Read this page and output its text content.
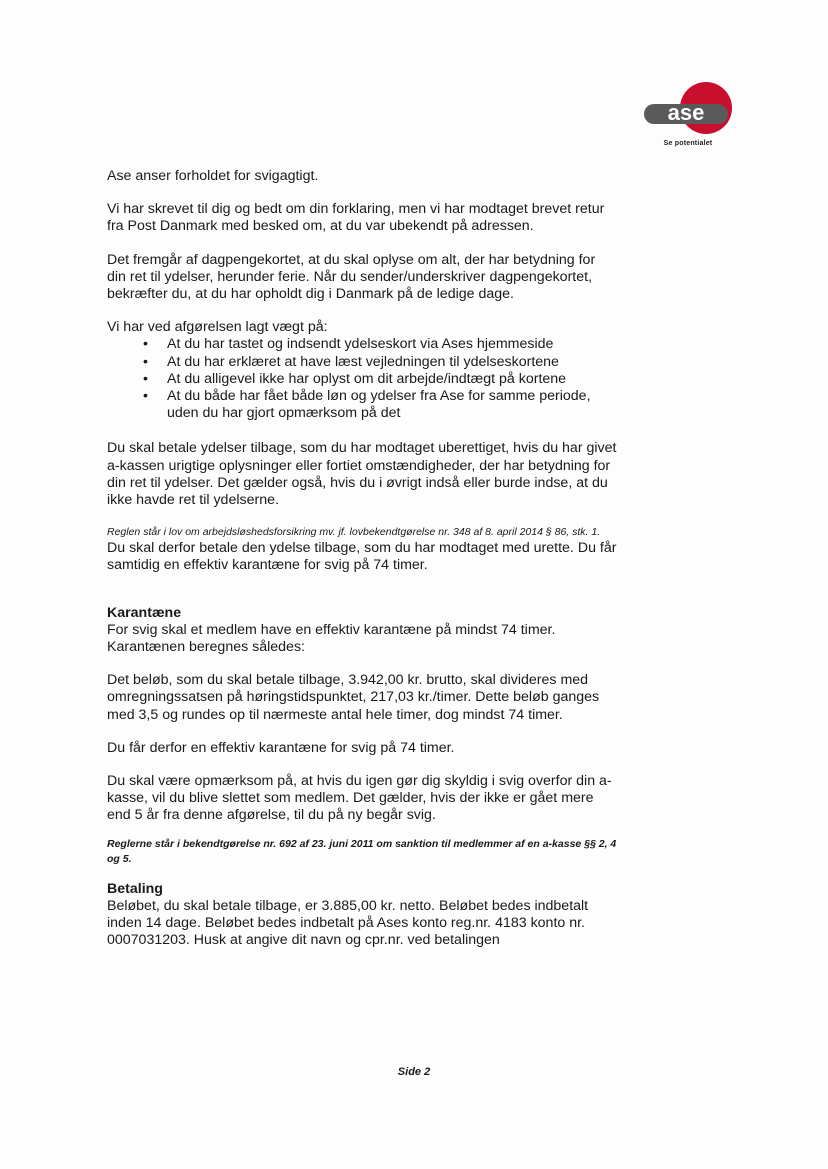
ase
Se potentialet

Ase anser forholdet for svigagtigt.

Vi har skrevet til dig og bedt om din forklaring, men vi har modtaget brevet retur fra Post Danmark med besked om, at du var ubekendt på adressen.

Det fremgår af dagpengekortet, at du skal oplyse om alt, der har betydning for din ret til ydelser, herunder ferie. Når du sender/underskriver dagpengekortet, bekræfter du, at du har opholdt dig i Danmark på de ledige dage.

Vi har ved afgørelsen lagt vægt på:

• At du har tastet og indsendt ydelseskort via Ases hjemmeside
• At du har erklæret at have læst vejledningen til ydelseskortene
• At du alligevel ikke har oplyst om dit arbejde/indtægt på kortene
• At du både har fået både løn og ydelser fra Ase for samme periode, uden du har gjort opmærksom på det

Du skal betale ydelser tilbage, som du har modtaget uberettiget, hvis du har givet a-kassen urigtige oplysninger eller fortiet omstændigheder, der har betydning for din ret til ydelser. Det gælder også, hvis du i øvrigt indså eller burde indse, at du ikke havde ret til ydelserne.

Reglen står i lov om arbejdsløshedsforsikring mv. jf. lovbekendtgørelse nr. 348 af 8. april 2014 § 86, stk. 1.

Du skal derfor betale den ydelse tilbage, som du har modtaget med urette. Du får samtidig en effektiv karantæne for svig på 74 timer.

Karantæne

For svig skal et medlem have en effektiv karantæne på mindst 74 timer. Karantænen beregnes således:

Det beløb, som du skal betale tilbage, 3.942,00 kr. brutto, skal divideres med omregningssatsen på høringstidspunktet, 217,03 kr./timer. Dette beløb ganges med 3,5 og rundes op til nærmeste antal hele timer, dog mindst 74 timer.

Du får derfor en effektiv karantæne for svig på 74 timer.

Du skal være opmærksom på, at hvis du igen gør dig skyldig i svig overfor din a-kasse, vil du blive slettet som medlem. Det gælder, hvis der ikke er gået mere end 5 år fra denne afgørelse, til du på ny begår svig.

Reglerne står i bekendtgørelse nr. 692 af 23. juni 2011 om sanktion til medlemmer af en a-kasse §§ 2, 4 og 5.

Betaling

Beløbet, du skal betale tilbage, er 3.885,00 kr. netto. Beløbet bedes indbetalt inden 14 dage. Beløbet bedes indbetalt på Ases konto reg.nr. 4183 konto nr. 0007031203. Husk at angive dit navn og cpr.nr. ved betalingen

Side 2
